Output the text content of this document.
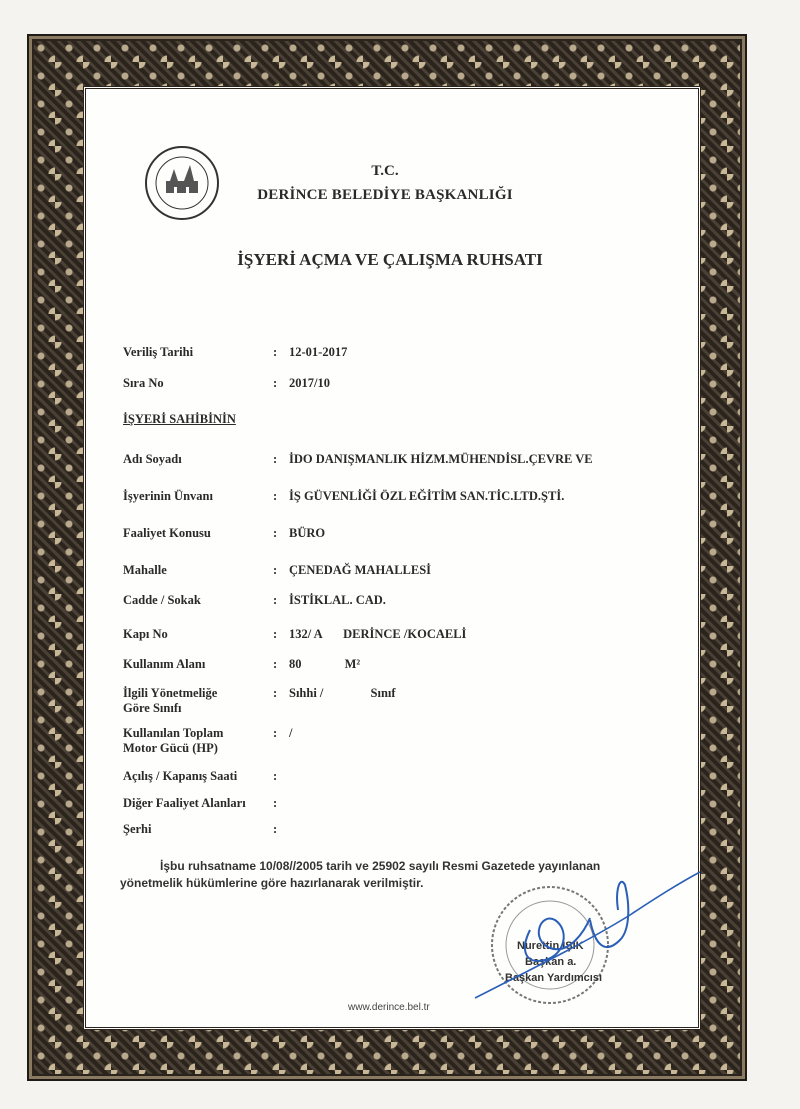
T.C.
DERİNCE BELEDİYE BAŞKANLIĞI
İŞYERİ AÇMA VE ÇALIŞMA RUHSATI
Veriliş Tarihi	: 12-01-2017
Sıra No	: 2017/10
İŞYERİ SAHİBİNİN
Adı Soyadı	: İDO DANIŞMANLIK HİZM.MÜHENDİSL.ÇEVRE VE
İşyerinin Ünvanı	: İŞ GÜVENLİĞİ ÖZL EĞİTİM SAN.TİC.LTD.ŞTİ.
Faaliyet Konusu	: BÜRO
Mahalle	: ÇENEDAĞ MAHALLESİ
Cadde / Sokak	: İSTİKLAL. CAD.
Kapı No	: 132/ A DERİNCE /KOCAELİ
Kullanım Alanı	: 80	M²
İlgili Yönetmeliğe
Göre Sınıfı
: Sıhhi /	Sınıf
Kullanılan Toplam
Motor Gücü (HP)
: /
Açılış / Kapanış Saati	:
Diğer Faaliyet Alanları	:
Şerhi	:
İşbu ruhsatname 10/08//2005 tarih ve 25902 sayılı Resmi Gazetede yayınlanan
yönetmelik hükümlerine göre hazırlanarak verilmiştir.
Nurettin IŞIK
Başkan a.
Başkan Yardımcısı
www.derince.bel.tr
